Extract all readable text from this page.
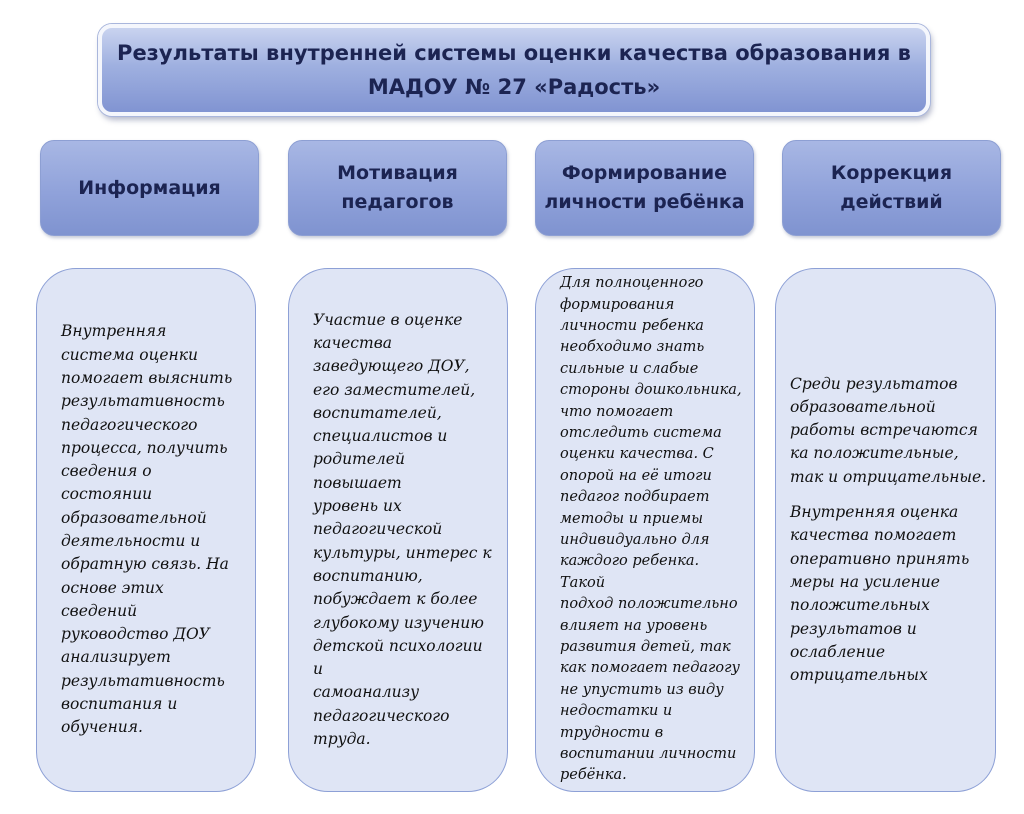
Результаты внутренней системы оценки качества образования в
МАДОУ № 27 «Радость»
Информация
Мотивация
педагогов
Формирование
личности ребёнка
Коррекция
действий

Внутренняя
система оценки
помогает выяснить
результативность
педагогического
процесса, получить
сведения о состоянии
образовательной
деятельности и
обратную связь. На
основе этих сведений
руководство ДОУ
анализирует
результативность
воспитания и
обучения.

Участие в оценке
качества
заведующего ДОУ,
его заместителей,
воспитателей,
специалистов и
родителей повышает
уровень их
педагогической
культуры, интерес к
воспитанию,
побуждает к более
глубокому изучению
детской психологии и
самоанализу
педагогического
труда.

Для полноценного
формирования
личности ребенка
необходимо знать
сильные и слабые
стороны дошкольника,
что помогает
отследить система
оценки качества. С
опорой на её итоги
педагог подбирает
методы и приемы
индивидуально для
каждого ребенка. Такой
подход положительно
влияет на уровень
развития детей, так
как помогает педагогу
не упустить из виду
недостатки и
трудности в
воспитании личности
ребёнка.

Среди результатов
образовательной
работы встречаются
ка положительные,
так и отрицательные.

Внутренняя оценка
качества помогает
оперативно принять
меры на усиление
положительных
результатов и
ослабление
отрицательных
